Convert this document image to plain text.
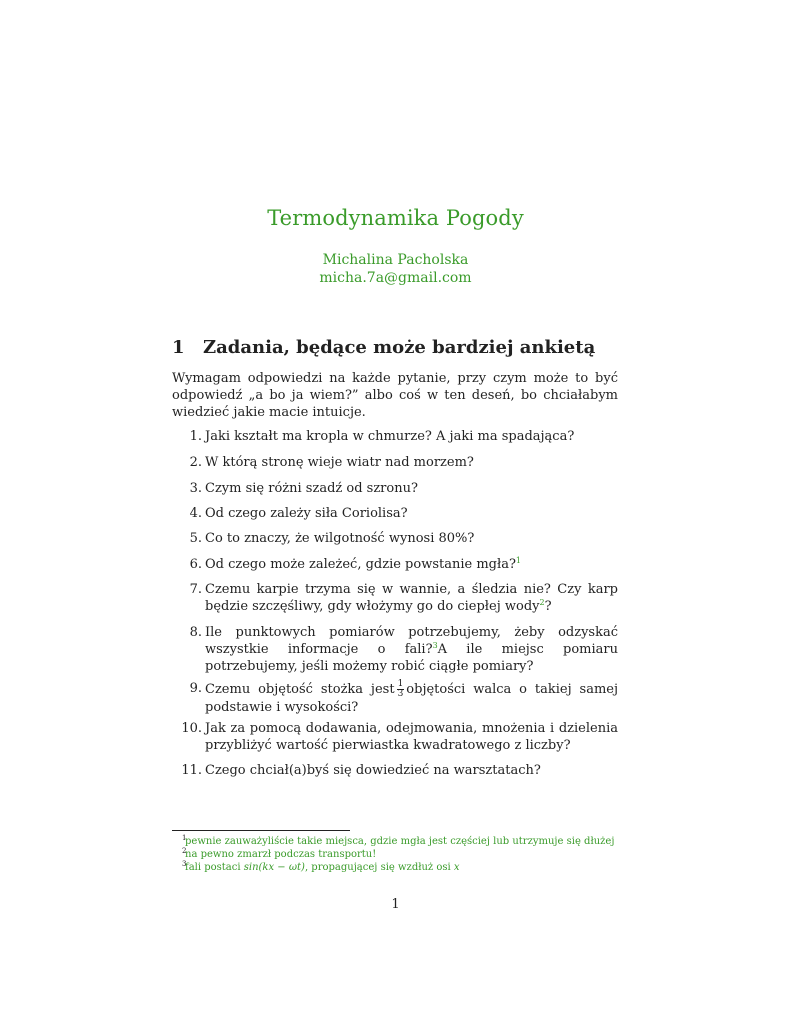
Termodynamika Pogody
Michalina Pacholska
micha.7a@gmail.com
1 Zadania, będące może bardziej ankietą
Wymagam odpowiedzi na każde pytanie, przy czym może to być odpowiedź „a bo ja wiem?” albo coś w ten deseń, bo chciałabym wiedzieć jakie macie intuicje.
1. Jaki kształt ma kropla w chmurze? A jaki ma spadająca?
2. W którą stronę wieje wiatr nad morzem?
3. Czym się różni szadź od szronu?
4. Od czego zależy siła Coriolisa?
5. Co to znaczy, że wilgotność wynosi 80%?
6. Od czego może zależeć, gdzie powstanie mgła?$^1$
7. Czemu karpie trzyma się w wannie, a śledzia nie? Czy karp będzie szczęśliwy, gdy włożymy go do ciepłej wody$^2$?
8. Ile punktowych pomiarów potrzebujemy, żeby odzyskać wszystkie informacje o fali?$^3$A ile miejsc pomiaru potrzebujemy, jeśli możemy robić ciągłe pomiary?
9. Czemu objętość stożka jest $\frac{1}{3}$ objętości walca o takiej samej podstawie i wysokości?
10. Jak za pomocą dodawania, odejmowania, mnożenia i dzielenia przybliżyć wartość pierwiastka kwadratowego z liczby?
11. Czego chciał(a)byś się dowiedzieć na warsztatach?
1
pewnie zauważyliście takie miejsca, gdzie mgła jest częściej lub utrzymuje się dłużej
2
na pewno zmarzł podczas transportu!
3
fali postaci sin(kx − ωt), propagującej się wzdłuż osi x
1
